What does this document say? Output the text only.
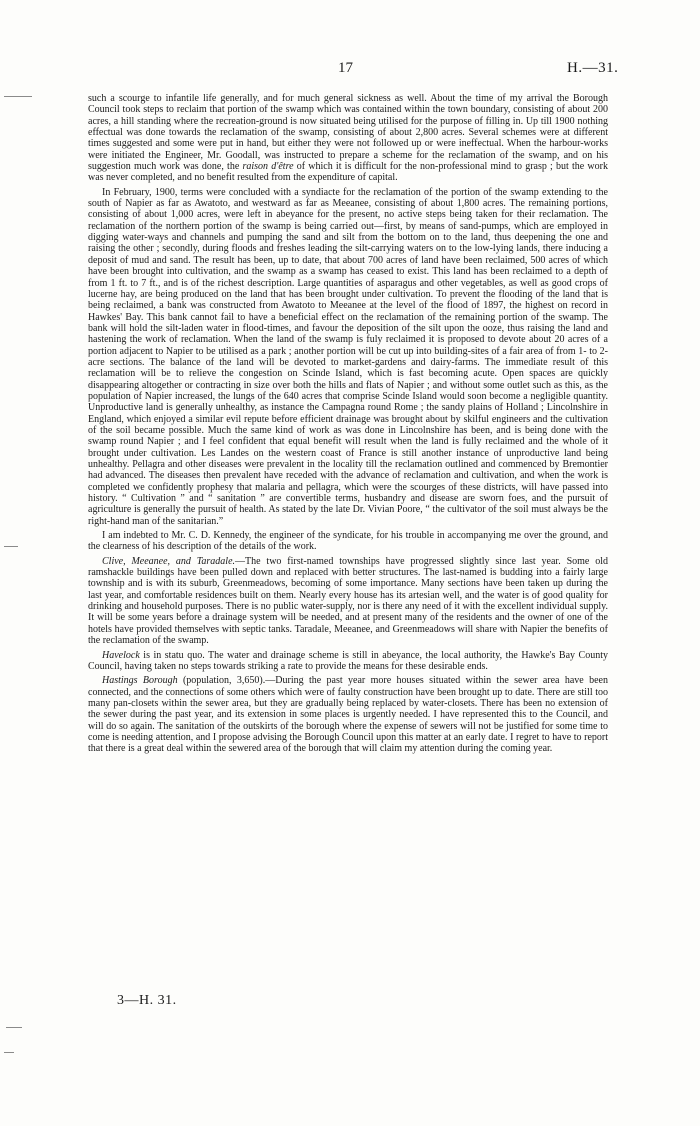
17	H.—31.

such a scourge to infantile life generally, and for much general sickness as well. About the time of my arrival the Borough Council took steps to reclaim that portion of the swamp which was contained within the town boundary, consisting of about 200 acres, a hill standing where the recreation-ground is now situated being utilised for the purpose of filling in. Up till 1900 nothing effectual was done towards the reclamation of the swamp, consisting of about 2,800 acres. Several schemes were at different times suggested and some were put in hand, but either they were not followed up or were ineffectual. When the harbour-works were initiated the Engineer, Mr. Goodall, was instructed to prepare a scheme for the reclamation of the swamp, and on his suggestion much work was done, the raison d'être of which it is difficult for the non-professional mind to grasp ; but the work was never completed, and no benefit resulted from the expenditure of capital.

In February, 1900, terms were concluded with a syndiacte for the reclamation of the portion of the swamp extending to the south of Napier as far as Awatoto, and westward as far as Meeanee, consisting of about 1,800 acres. The remaining portions, consisting of about 1,000 acres, were left in abeyance for the present, no active steps being taken for their reclamation. The reclamation of the northern portion of the swamp is being carried out—first, by means of sand-pumps, which are employed in digging water-ways and channels and pumping the sand and silt from the bottom on to the land, thus deepening the one and raising the other ; secondly, during floods and freshes leading the silt-carrying waters on to the low-lying lands, there inducing a deposit of mud and sand. The result has been, up to date, that about 700 acres of land have been reclaimed, 500 acres of which have been brought into cultivation, and the swamp as a swamp has ceased to exist. This land has been reclaimed to a depth of from 1 ft. to 7 ft., and is of the richest description. Large quantities of asparagus and other vegetables, as well as good crops of lucerne hay, are being produced on the land that has been brought under cultivation. To prevent the flooding of the land that is being reclaimed, a bank was constructed from Awatoto to Meeanee at the level of the flood of 1897, the highest on record in Hawkes' Bay. This bank cannot fail to have a beneficial effect on the reclamation of the remaining portion of the swamp. The bank will hold the silt-laden water in flood-times, and favour the deposition of the silt upon the ooze, thus raising the land and hastening the work of reclamation. When the land of the swamp is fuly reclaimed it is proposed to devote about 20 acres of a portion adjacent to Napier to be utilised as a park ; another portion will be cut up into building-sites of a fair area of from 1- to 2-acre sections. The balance of the land will be devoted to market-gardens and dairy-farms. The immediate result of this reclamation will be to relieve the congestion on Scinde Island, which is fast becoming acute. Open spaces are quickly disappearing altogether or contracting in size over both the hills and flats of Napier ; and without some outlet such as this, as the population of Napier increased, the lungs of the 640 acres that comprise Scinde Island would soon become a negligible quantity. Unproductive land is generally unhealthy, as instance the Campagna round Rome ; the sandy plains of Holland ; Lincolnshire in England, which enjoyed a similar evil repute before efficient drainage was brought about by skilful engineers and the cultivation of the soil became possible. Much the same kind of work as was done in Lincolnshire has been, and is being done with the swamp round Napier ; and I feel confident that equal benefit will result when the land is fully reclaimed and the whole of it brought under cultivation. Les Landes on the western coast of France is still another instance of unproductive land being unhealthy. Pellagra and other diseases were prevalent in the locality till the reclamation outlined and commenced by Bremontier had advanced. The diseases then prevalent have receded with the advance of reclamation and cultivation, and when the work is completed we confidently prophesy that malaria and pellagra, which were the scourges of these districts, will have passed into history. “ Cultivation ” and “ sanitation ” are convertible terms, husbandry and disease are sworn foes, and the pursuit of agriculture is generally the pursuit of health. As stated by the late Dr. Vivian Poore, “ the cultivator of the soil must always be the right-hand man of the sanitarian.”

I am indebted to Mr. C. D. Kennedy, the engineer of the syndicate, for his trouble in accompanying me over the ground, and the clearness of his description of the details of the work.

Clive, Meeanee, and Taradale.—The two first-named townships have progressed slightly since last year. Some old ramshackle buildings have been pulled down and replaced with better structures. The last-named is budding into a fairly large township and is with its suburb, Greenmeadows, becoming of some importance. Many sections have been taken up during the last year, and comfortable residences built on them. Nearly every house has its artesian well, and the water is of good quality for drinking and household purposes. There is no public water-supply, nor is there any need of it with the excellent individual supply. It will be some years before a drainage system will be needed, and at present many of the residents and the owner of one of the hotels have provided themselves with septic tanks. Taradale, Meeanee, and Greenmeadows will share with Napier the benefits of the reclamation of the swamp.

Havelock is in statu quo. The water and drainage scheme is still in abeyance, the local authority, the Hawke's Bay County Council, having taken no steps towards striking a rate to provide the means for these desirable ends.

Hastings Borough (population, 3,650).—During the past year more houses situated within the sewer area have been connected, and the connections of some others which were of faulty construction have been brought up to date. There are still too many pan-closets within the sewer area, but they are gradually being replaced by water-closets. There has been no extension of the sewer during the past year, and its extension in some places is urgently needed. I have represented this to the Council, and will do so again. The sanitation of the outskirts of the borough where the expense of sewers will not be justified for some time to come is needing attention, and I propose advising the Borough Council upon this matter at an early date. I regret to have to report that there is a great deal within the sewered area of the borough that will claim my attention during the coming year.

3—H. 31.
